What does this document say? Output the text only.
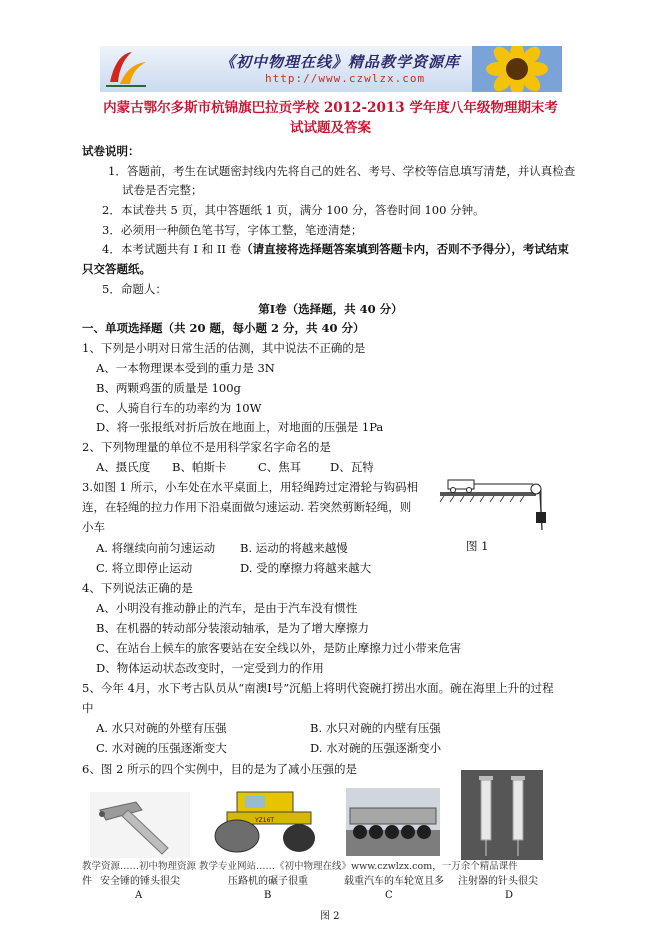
《初中物理在线》精品教学资源库
http://www.czwlzx.com
内蒙古鄂尔多斯市杭锦旗巴拉贡学校 2012-2013 学年度八年级物理期末考
试试题及答案
试卷说明：
1．答题前，考生在试题密封线内先将自己的姓名、考号、学校等信息填写清楚，并认真检查
试卷是否完整；
2．本试卷共 5 页，其中答题纸 1 页，满分 100 分，答卷时间 100 分钟。
3．必须用一种颜色笔书写，字体工整，笔迹清楚；
4．本考试题共有 I 和 II 卷（请直接将选择题答案填到答题卡内，否则不予得分），考试结束
只交答题纸。
5．命题人：
第Ⅰ卷（选择题，共 40 分）
一、单项选择题（共 20 题，每小题 2 分，共 40 分）
1、下列是小明对日常生活的估测，其中说法不正确的是
A、一本物理课本受到的重力是 3N
B、两颗鸡蛋的质量是 100g
C、人骑自行车的功率约为 10W
D、将一张报纸对折后放在地面上，对地面的压强是 1Pa
2、下列物理量的单位不是用科学家名字命名的是
A、摄氏度 B、帕斯卡	C、焦耳 D、瓦特
3.如图 1 所示，小车处在水平桌面上，用轻绳跨过定滑轮与钩码相
连，在轻绳的拉力作用下沿桌面做匀速运动. 若突然剪断轻绳，则
小车
A. 将继续向前匀速运动 B. 运动的将越来越慢
C. 将立即停止运动	D. 受的摩擦力将越来越大
图 1
4、下列说法正确的是
A、小明没有推动静止的汽车，是由于汽车没有惯性
B、在机器的转动部分装滚动轴承，是为了增大摩擦力
C、在站台上候车的旅客要站在安全线以外，是防止摩擦力过小带来危害
D、物体运动状态改变时，一定受到力的作用
5、今年 4月，水下考古队员从“南澳Ⅰ号”沉船上将明代瓷碗打捞出水面。碗在海里上升的过程
中
A. 水只对碗的外壁有压强	B. 水只对碗的内壁有压强
C. 水对碗的压强逐渐变大	D. 水对碗的压强逐渐变小
6、图 2 所示的四个实例中，目的是为了减小压强的是
YZ16T
教学资源……初中物理资源 教学专业网站……《初中物理在线》www.czwlzx.com，一万余个精品课件
件 安全锤的锤头很尖	压路机的碾子很重	载重汽车的车轮宽且多 注射器的针头很尖
A	B	C	D
图 2
